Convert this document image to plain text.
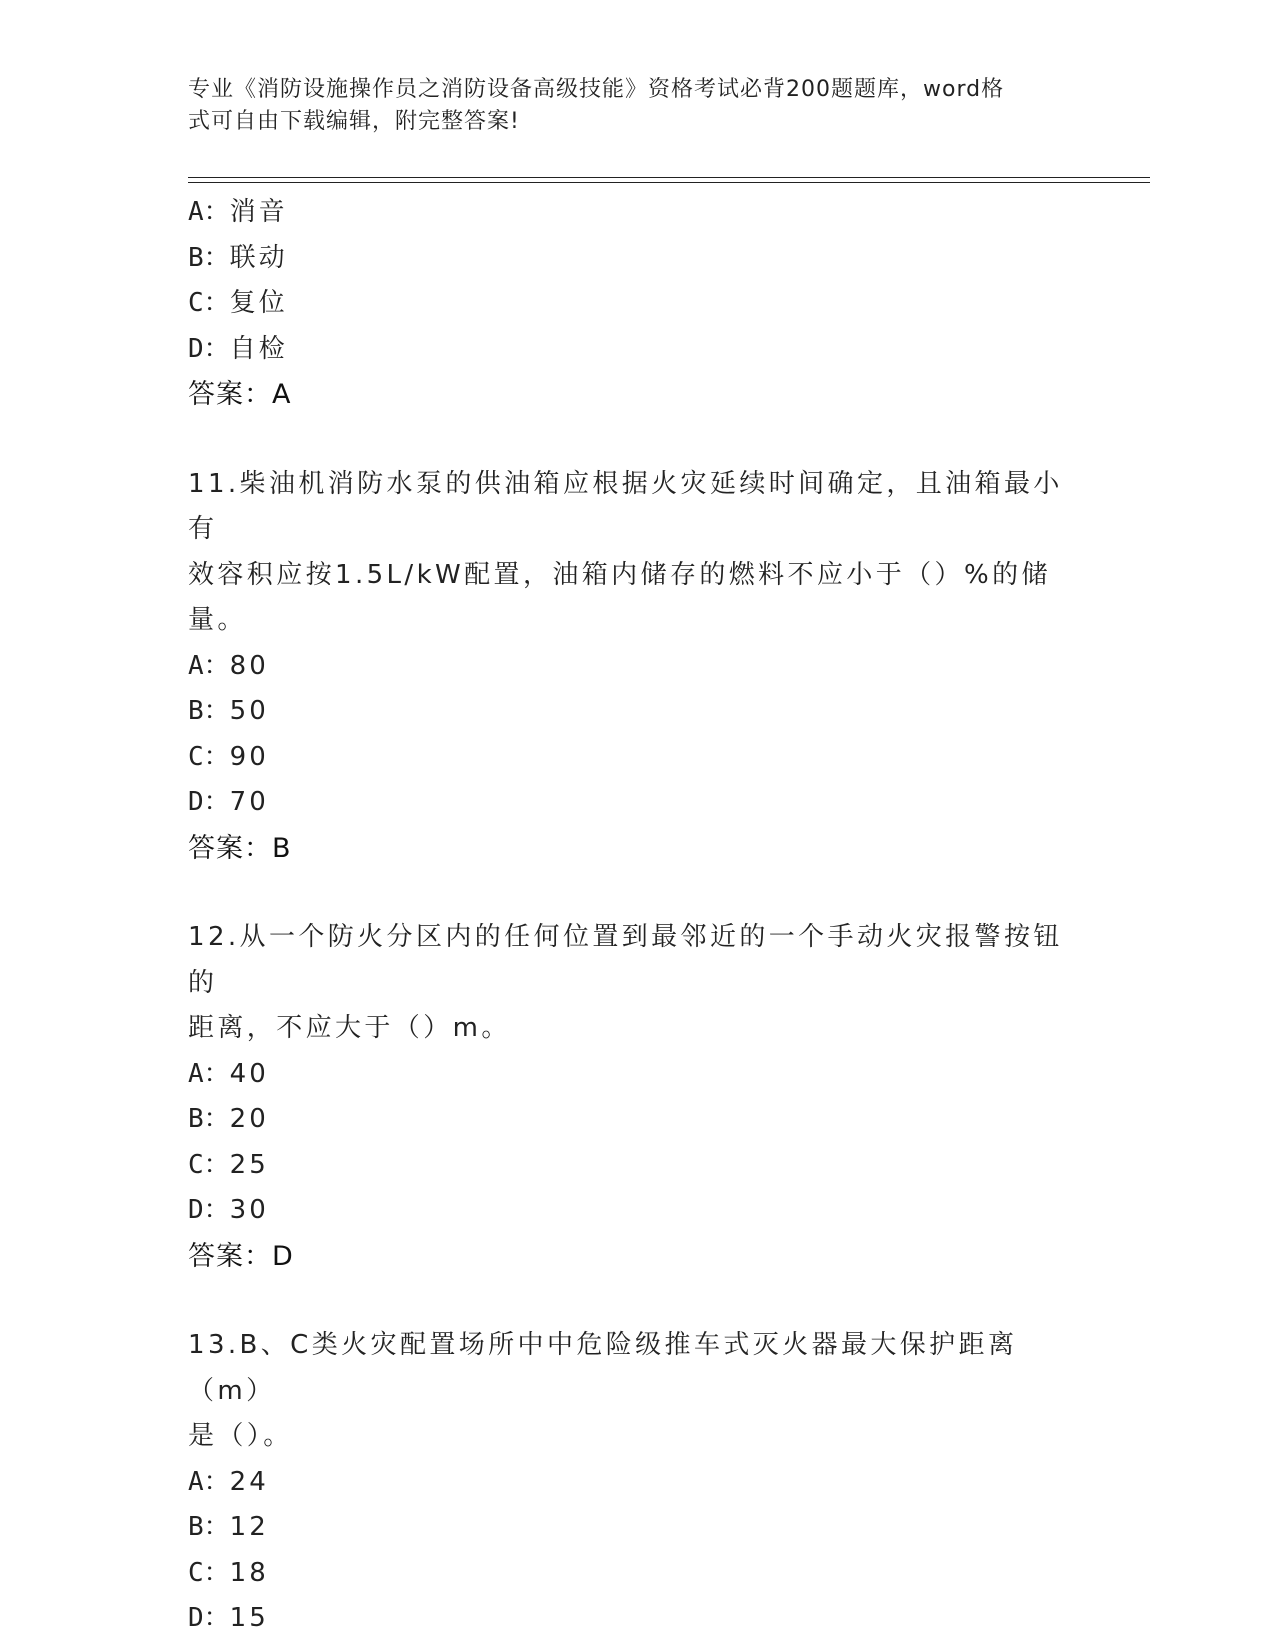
专业《消防设施操作员之消防设备高级技能》资格考试必背200题题库，word格
式可自由下载编辑，附完整答案!
A：消音
B：联动
C：复位
D：自检
答案：A
11.柴油机消防水泵的供油箱应根据火灾延续时间确定，且油箱最小有
效容积应按1.5L/kW配置，油箱内储存的燃料不应小于（）%的储量。
A：80
B：50
C：90
D：70
答案：B
12.从一个防火分区内的任何位置到最邻近的一个手动火灾报警按钮的
距离，不应大于（）m。
A：40
B：20
C：25
D：30
答案：D
13.B、C类火灾配置场所中中危险级推车式灭火器最大保护距离（m）
是（）。
A：24
B：12
C：18
D：15
